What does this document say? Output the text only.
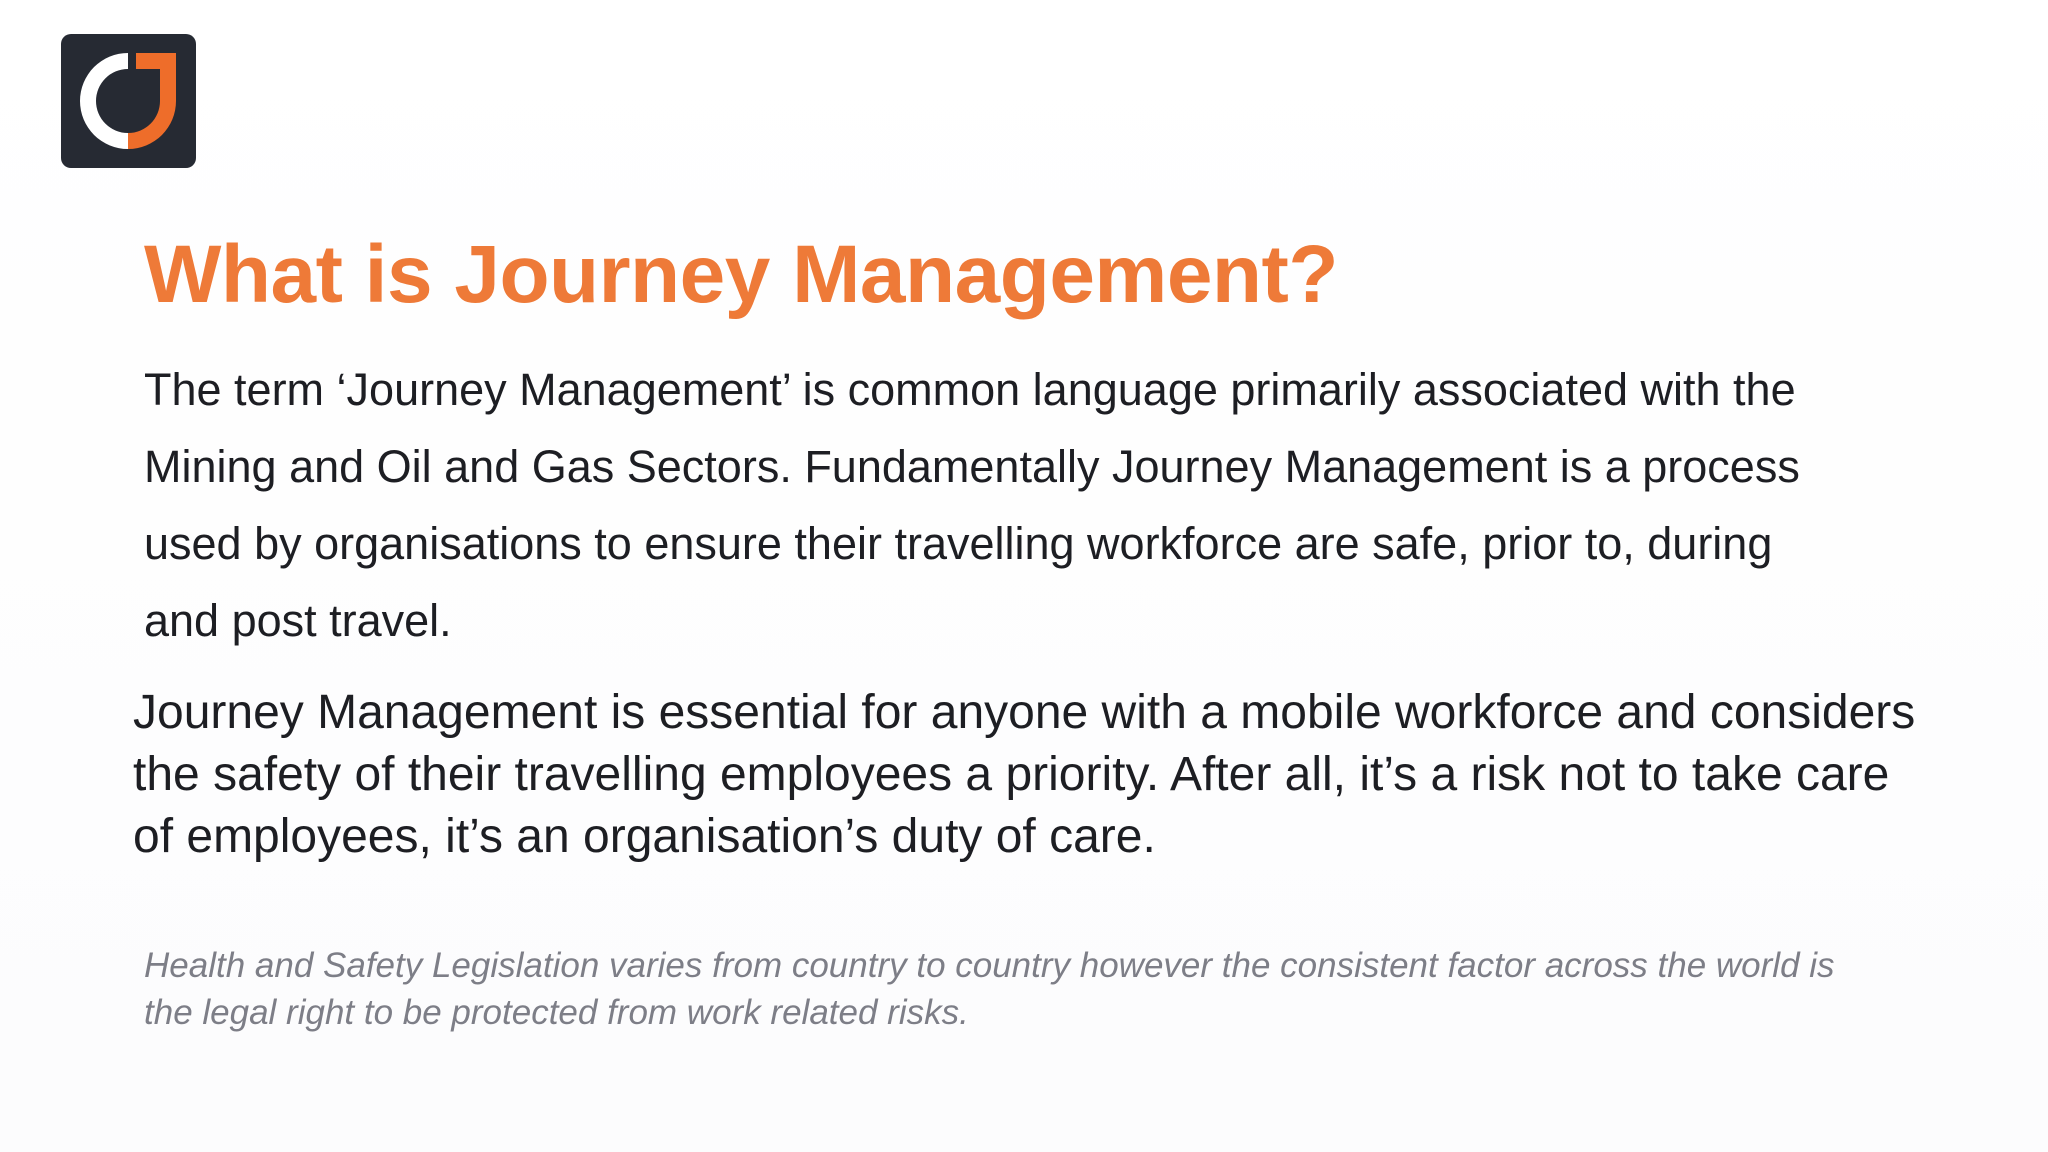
What is Journey Management?

The term ‘Journey Management’ is common language primarily associated with the
Mining and Oil and Gas Sectors. Fundamentally Journey Management is a process
used by organisations to ensure their travelling workforce are safe, prior to, during
and post travel.

Journey Management is essential for anyone with a mobile workforce and considers
the safety of their travelling employees a priority. After all, it’s a risk not to take care
of employees, it’s an organisation’s duty of care.

Health and Safety Legislation varies from country to country however the consistent factor across the world is
the legal right to be protected from work related risks.
